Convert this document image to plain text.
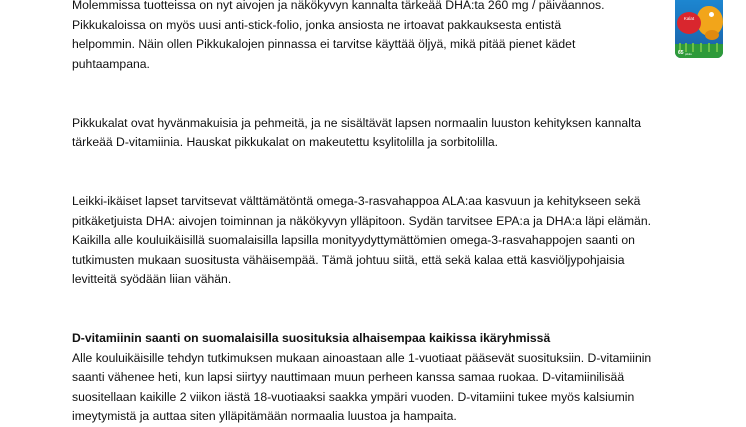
Molemmissa tuotteissa on nyt aivojen ja näkökyvyn kannalta tärkeää DHA:ta 260 mg / päiväannos.

Pikkukaloissa on myös uusi anti-stick-folio, jonka ansiosta ne irtoavat pakkauksesta entistä

helpommin. Näin ollen Pikkukalojen pinnassa ei tarvitse käyttää öljyä, mikä pitää pienet kädet

puhtaampana.

Pikkukalat ovat hyvänmakuisia ja pehmeitä, ja ne sisältävät lapsen normaalin luuston kehityksen kannalta

tärkeää D-vitamiinia. Hauskat pikkukalat on makeutettu ksylitolilla ja sorbitolilla.

Leikki-ikäiset lapset tarvitsevat välttämätöntä omega-3-rasvahappoa ALA:aa kasvuun ja kehitykseen sekä

pitkäketjuista DHA: aivojen toiminnan ja näkökyvyn ylläpitoon. Sydän tarvitsee EPA:a ja DHA:a läpi elämän.

Kaikilla alle kouluikäisillä suomalaisilla lapsilla monityydyttymättömien omega-3-rasvahappojen saanti on

tutkimusten mukaan suositusta vähäisempää. Tämä johtuu siitä, että sekä kalaa että kasviöljypohjaisia

levitteitä syödään liian vähän.

D-vitamiinin saanti on suomalaisilla suosituksia alhaisempaa kaikissa ikäryhmissä

Alle kouluikäisille tehdyn tutkimuksen mukaan ainoastaan alle 1-vuotiaat pääsevät suosituksiin. D-vitamiinin

saanti vähenee heti, kun lapsi siirtyy nauttimaan muun perheen kanssa samaa ruokaa. D-vitamiinilisää

suositellaan kaikille 2 viikon iästä 18-vuotiaaksi saakka ympäri vuoden. D-vitamiini tukee myös kalsiumin

imeytymistä ja auttaa siten ylläpitämään normaalia luustoa ja hampaita.

Kalat
65 pikku
